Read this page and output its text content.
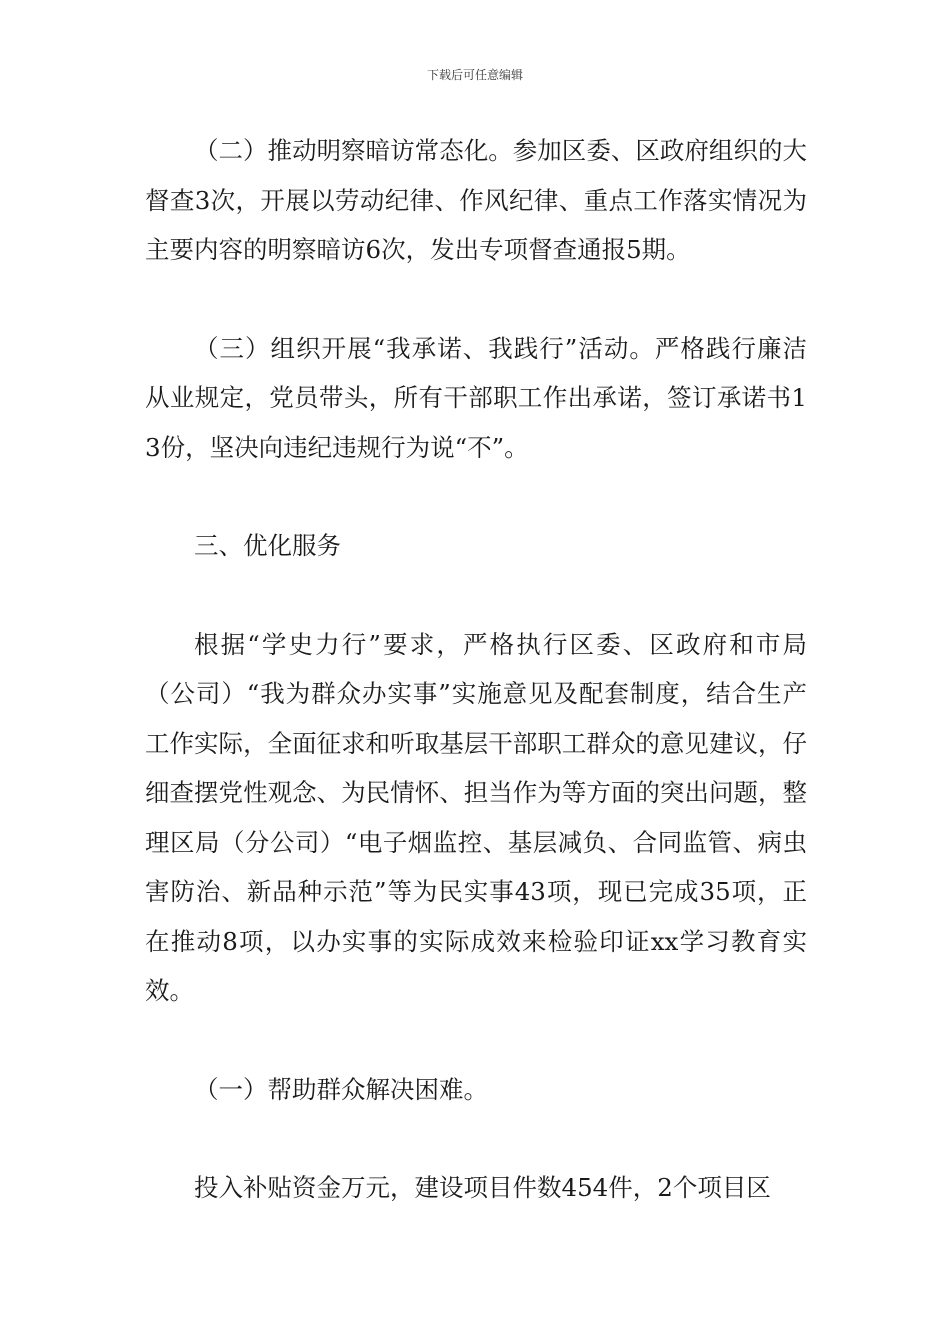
下载后可任意编辑

（二）推动明察暗访常态化。参加区委、区政府组织的大督查3次，开展以劳动纪律、作风纪律、重点工作落实情况为主要内容的明察暗访6次，发出专项督查通报5期。

（三）组织开展“我承诺、我践行”活动。严格践行廉洁从业规定，党员带头，所有干部职工作出承诺，签订承诺书13份，坚决向违纪违规行为说“不”。

三、优化服务

根据“学史力行”要求，严格执行区委、区政府和市局（公司）“我为群众办实事”实施意见及配套制度，结合生产工作实际，全面征求和听取基层干部职工群众的意见建议，仔细查摆党性观念、为民情怀、担当作为等方面的突出问题，整理区局（分公司）“电子烟监控、基层减负、合同监管、病虫害防治、新品种示范”等为民实事43项，现已完成35项，正在推动8项，以办实事的实际成效来检验印证xx学习教育实效。

（一）帮助群众解决困难。

投入补贴资金万元，建设项目件数454件，2个项目区
